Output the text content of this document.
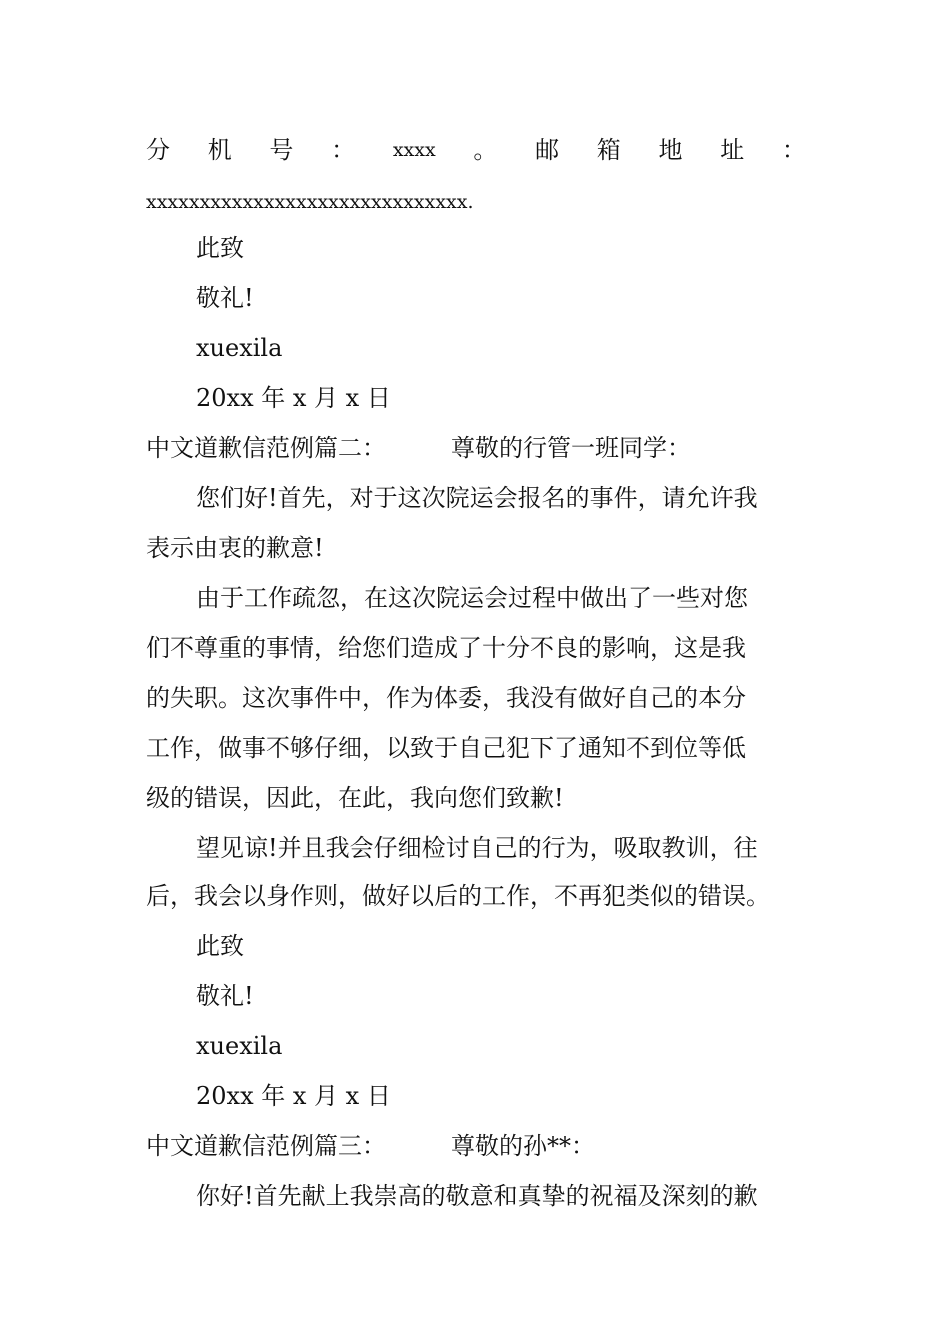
分 机 号 ： xxxx 。 邮 箱 地 址 ：
xxxxxxxxxxxxxxxxxxxxxxxxxxxxxx.
此致
敬礼!
xuexila
20xx 年 x 月 x 日
中文道歉信范例篇二：	尊敬的行管一班同学：
您们好!首先，对于这次院运会报名的事件，请允许我
表示由衷的歉意!
由于工作疏忽，在这次院运会过程中做出了一些对您
们不尊重的事情，给您们造成了十分不良的影响，这是我
的失职。这次事件中，作为体委，我没有做好自己的本分
工作，做事不够仔细，以致于自己犯下了通知不到位等低
级的错误，因此，在此，我向您们致歉!
望见谅!并且我会仔细检讨自己的行为，吸取教训，往
后，我会以身作则，做好以后的工作，不再犯类似的错误。
此致
敬礼!
xuexila
20xx 年 x 月 x 日
中文道歉信范例篇三：	尊敬的孙**：
你好!首先献上我崇高的敬意和真挚的祝福及深刻的歉
